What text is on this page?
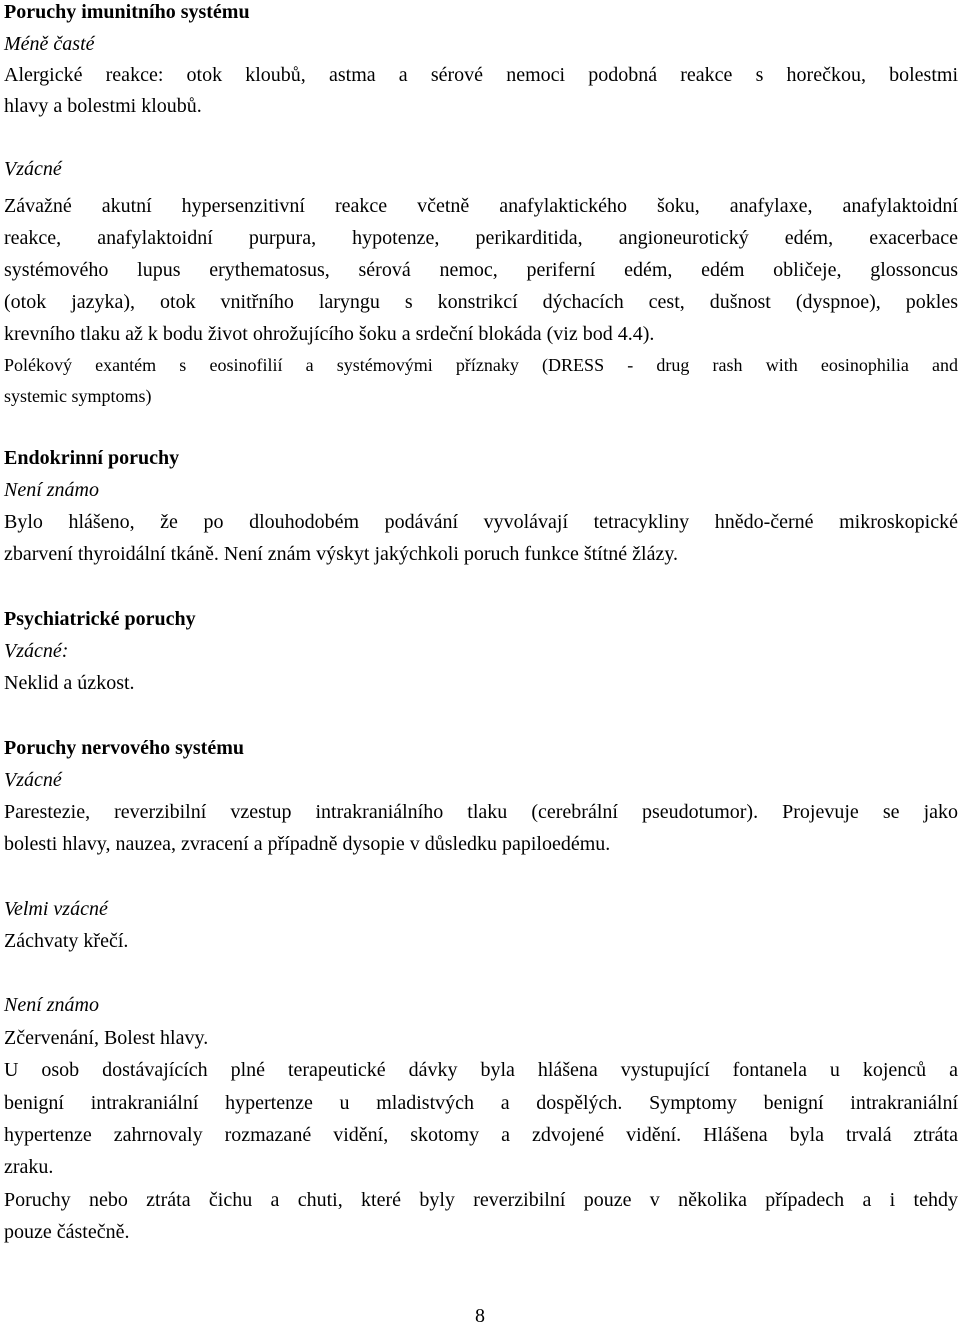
Poruchy imunitního systému
Méně časté
Alergické reakce: otok kloubů, astma a sérové nemoci podobná reakce s horečkou, bolestmi
hlavy a bolestmi kloubů.
Vzácné
Závažné akutní hypersenzitivní reakce včetně anafylaktického šoku, anafylaxe, anafylaktoidní
reakce, anafylaktoidní purpura, hypotenze, perikarditida, angioneurotický edém, exacerbace
systémového lupus erythematosus, sérová nemoc, periferní edém, edém obličeje, glossoncus
(otok jazyka), otok vnitřního laryngu s konstrikcí dýchacích cest, dušnost (dyspnoe), pokles
krevního tlaku až k bodu život ohrožujícího šoku a srdeční blokáda (viz bod 4.4).
Polékový exantém s eosinofilií a systémovými příznaky (DRESS - drug rash with eosinophilia and
systemic symptoms)
Endokrinní poruchy
Není známo
Bylo hlášeno, že po dlouhodobém podávání vyvolávají tetracykliny hnědo-černé mikroskopické
zbarvení thyroidální tkáně. Není znám výskyt jakýchkoli poruch funkce štítné žlázy.
Psychiatrické poruchy
Vzácné:
Neklid a úzkost.
Poruchy nervového systému
Vzácné
Parestezie, reverzibilní vzestup intrakraniálního tlaku (cerebrální pseudotumor). Projevuje se jako
bolesti hlavy, nauzea, zvracení a případně dysopie v důsledku papiloedému.
Velmi vzácné
Záchvaty křečí.
Není známo
Zčervenání, Bolest hlavy.
U osob dostávajících plné terapeutické dávky byla hlášena vystupující fontanela u kojenců a
benigní intrakraniální hypertenze u mladistvých a dospělých. Symptomy benigní intrakraniální
hypertenze zahrnovaly rozmazané vidění, skotomy a zdvojené vidění. Hlášena byla trvalá ztráta
zraku.
Poruchy nebo ztráta čichu a chuti, které byly reverzibilní pouze v několika případech a i tehdy
pouze částečně.
8
